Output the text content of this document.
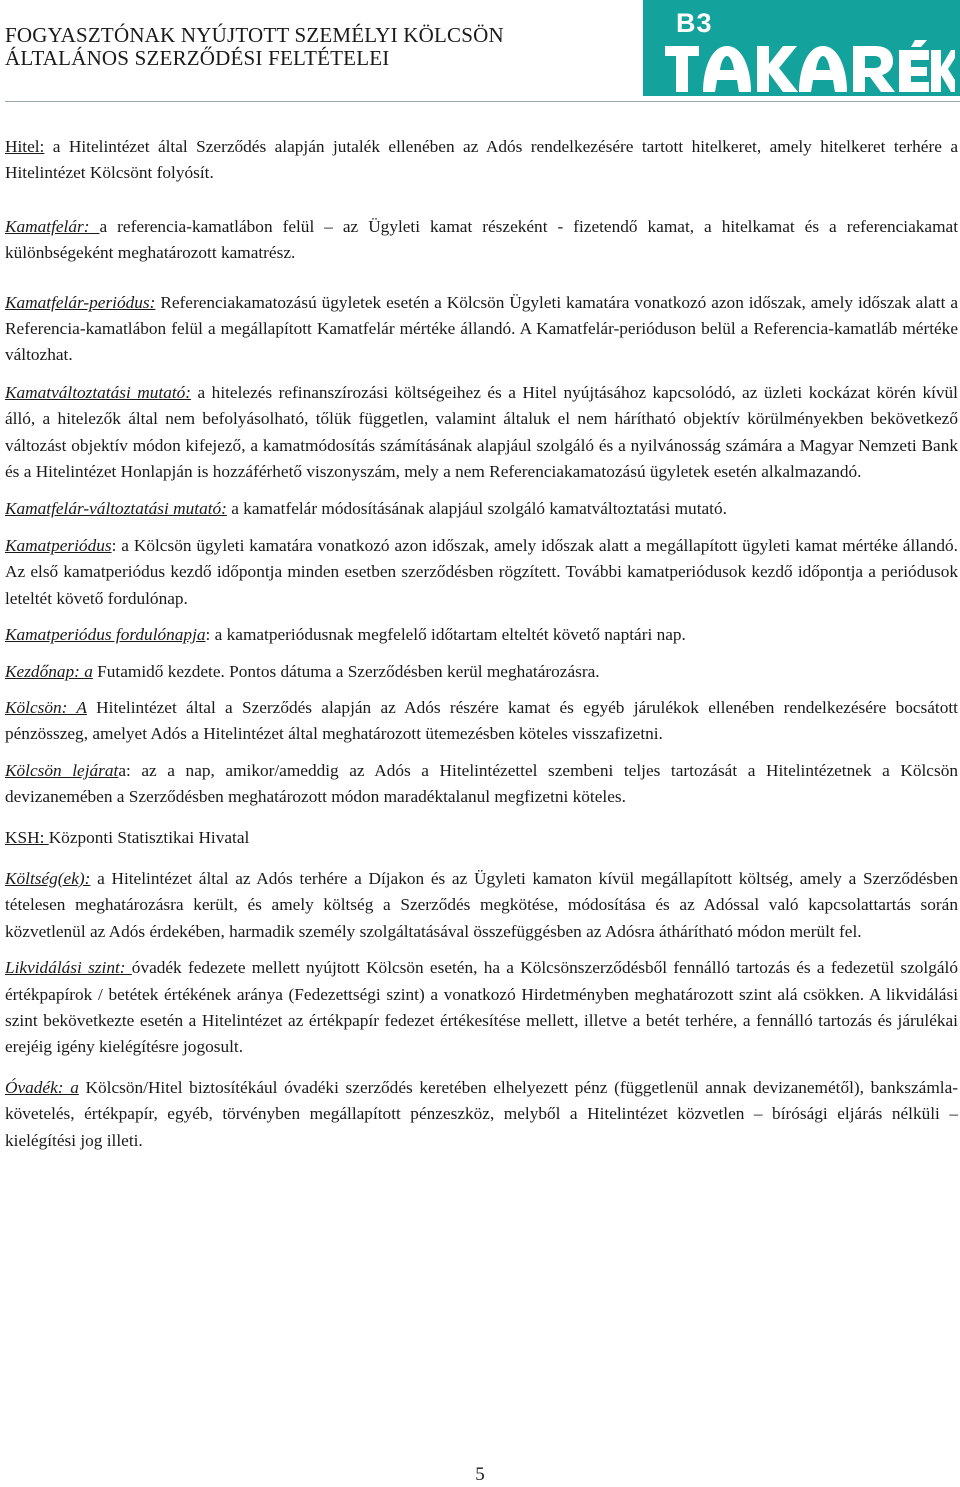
FOGYASZTÓNAK NYÚJTOTT SZEMÉLYI KÖLCSÖN
ÁLTALÁNOS SZERZŐDÉSI FELTÉTELEI
B3

Hitel: a Hitelintézet által Szerződés alapján jutalék ellenében az Adós rendelkezésére tartott hitelkeret, amely hitelkeret terhére a Hitelintézet Kölcsönt folyósít.

Kamatfelár: a referencia-kamatlábon felül ‒ az Ügyleti kamat részeként - fizetendő kamat, a hitelkamat és a referenciakamat különbségeként meghatározott kamatrész.

Kamatfelár-periódus: Referenciakamatozású ügyletek esetén a Kölcsön Ügyleti kamatára vonatkozó azon időszak, amely időszak alatt a Referencia-kamatlábon felül a megállapított Kamatfelár mértéke állandó. A Kamatfelár-perióduson belül a Referencia-kamatláb mértéke változhat.

Kamatváltoztatási mutató: a hitelezés refinanszírozási költségeihez és a Hitel nyújtásához kapcsolódó, az üzleti kockázat körén kívül álló, a hitelezők által nem befolyásolható, tőlük független, valamint általuk el nem hárítható objektív körülményekben bekövetkező változást objektív módon kifejező, a kamatmódosítás számításának alapjául szolgáló és a nyilvánosság számára a Magyar Nemzeti Bank és a Hitelintézet Honlapján is hozzáférhető viszonyszám, mely a nem Referenciakamatozású ügyletek esetén alkalmazandó.

Kamatfelár-változtatási mutató: a kamatfelár módosításának alapjául szolgáló kamatváltoztatási mutató.

Kamatperiódus: a Kölcsön ügyleti kamatára vonatkozó azon időszak, amely időszak alatt a megállapított ügyleti kamat mértéke állandó. Az első kamatperiódus kezdő időpontja minden esetben szerződésben rögzített. További kamatperiódusok kezdő időpontja a periódusok leteltét követő fordulónap.

Kamatperiódus fordulónapja: a kamatperiódusnak megfelelő időtartam elteltét követő naptári nap.

Kezdőnap: a Futamidő kezdete. Pontos dátuma a Szerződésben kerül meghatározásra.

Kölcsön: A Hitelintézet által a Szerződés alapján az Adós részére kamat és egyéb járulékok ellenében rendelkezésére bocsátott pénzösszeg, amelyet Adós a Hitelintézet által meghatározott ütemezésben köteles visszafizetni.

Kölcsön lejárata: az a nap, amikor/ameddig az Adós a Hitelintézettel szembeni teljes tartozását a Hitelintézetnek a Kölcsön devizanemében a Szerződésben meghatározott módon maradéktalanul megfizetni köteles.

KSH: Központi Statisztikai Hivatal

Költség(ek): a Hitelintézet által az Adós terhére a Díjakon és az Ügyleti kamaton kívül megállapított költség, amely a Szerződésben tételesen meghatározásra került, és amely költség a Szerződés megkötése, módosítása és az Adóssal való kapcsolattartás során közvetlenül az Adós érdekében, harmadik személy szolgáltatásával összefüggésben az Adósra áthárítható módon merült fel.

Likvidálási szint: óvadék fedezete mellett nyújtott Kölcsön esetén, ha a Kölcsönszerződésből fennálló tartozás és a fedezetül szolgáló értékpapírok / betétek értékének aránya (Fedezettségi szint) a vonatkozó Hirdetményben meghatározott szint alá csökken. A likvidálási szint bekövetkezte esetén a Hitelintézet az értékpapír fedezet értékesítése mellett, illetve a betét terhére, a fennálló tartozás és járulékai erejéig igény kielégítésre jogosult.

Óvadék: a Kölcsön/Hitel biztosítékául óvadéki szerződés keretében elhelyezett pénz (függetlenül annak devizanemétől), bankszámla-követelés, értékpapír, egyéb, törvényben megállapított pénzeszköz, melyből a Hitelintézet közvetlen – bírósági eljárás nélküli – kielégítési jog illeti.

5
